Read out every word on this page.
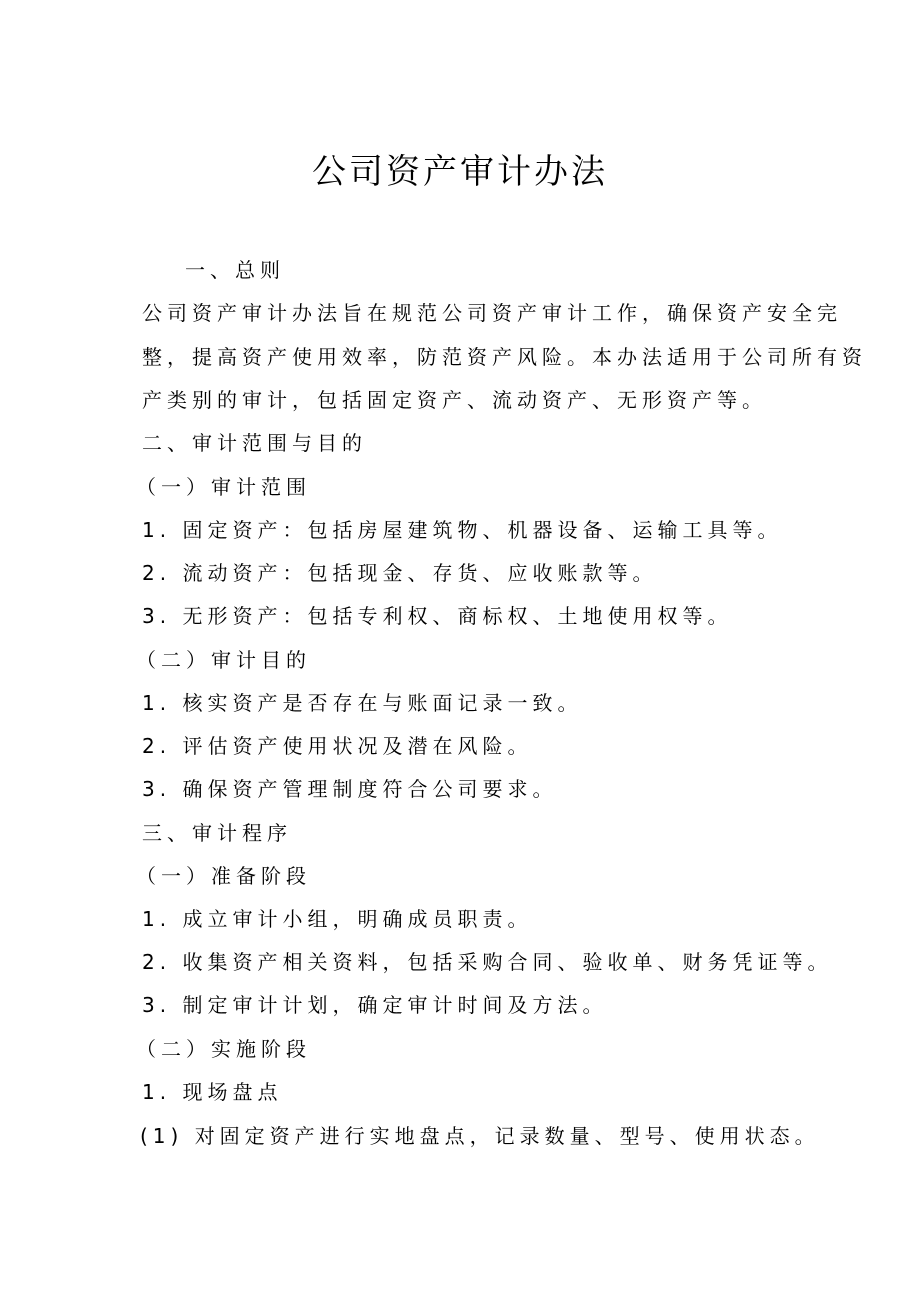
公司资产审计办法
一、总则
公司资产审计办法旨在规范公司资产审计工作，确保资产安全完
整，提高资产使用效率，防范资产风险。本办法适用于公司所有资
产类别的审计，包括固定资产、流动资产、无形资产等。
二、审计范围与目的
（一）审计范围
1. 固定资产：包括房屋建筑物、机器设备、运输工具等。
2. 流动资产：包括现金、存货、应收账款等。
3. 无形资产：包括专利权、商标权、土地使用权等。
（二）审计目的
1. 核实资产是否存在与账面记录一致。
2. 评估资产使用状况及潜在风险。
3. 确保资产管理制度符合公司要求。
三、审计程序
（一）准备阶段
1. 成立审计小组，明确成员职责。
2. 收集资产相关资料，包括采购合同、验收单、财务凭证等。
3. 制定审计计划，确定审计时间及方法。
（二）实施阶段
1. 现场盘点
(1) 对固定资产进行实地盘点，记录数量、型号、使用状态。
